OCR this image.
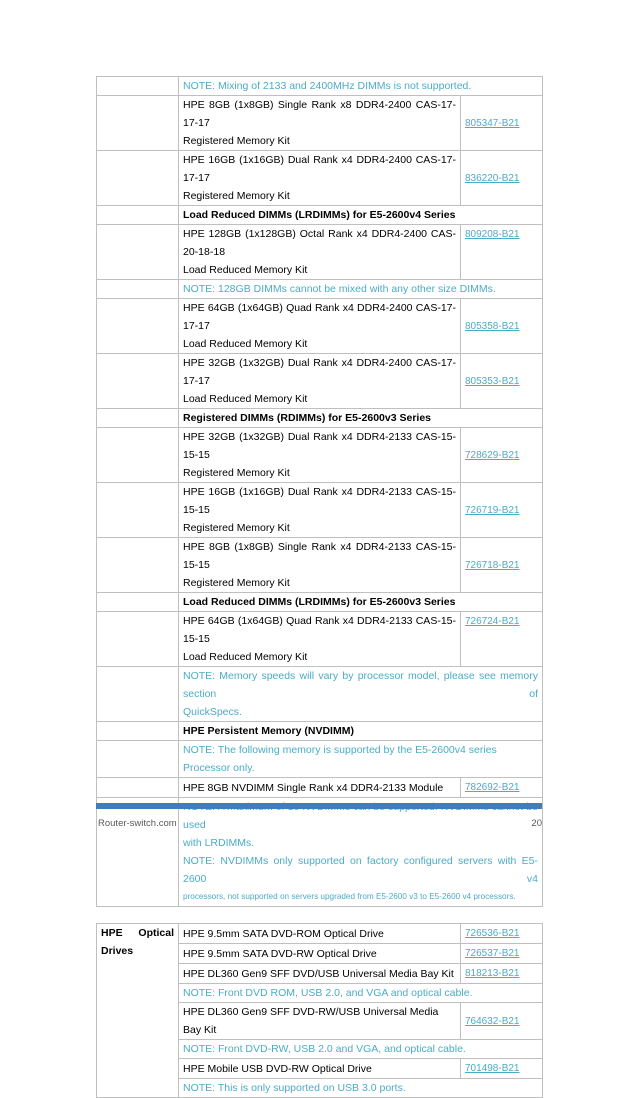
	NOTE: Mixing of 2133 and 2400MHz DIMMs is not supported.	

	HPE 8GB (1x8GB) Single Rank x8 DDR4-2400 CAS-17-17-17
Registered Memory Kit	805347-B21

	HPE 16GB (1x16GB) Dual Rank x4 DDR4-2400 CAS-17-17-17
Registered Memory Kit	836220-B21
	Load Reduced DIMMs (LRDIMMs) for E5-2600v4 Series	

	HPE 128GB (1x128GB) Octal Rank x4 DDR4-2400 CAS-20-18-18
Load Reduced Memory Kit	809208-B21
	NOTE: 128GB DIMMs cannot be mixed with any other size DIMMs.	

	HPE 64GB (1x64GB) Quad Rank x4 DDR4-2400 CAS-17-17-17
Load Reduced Memory Kit	805358-B21

	HPE 32GB (1x32GB) Dual Rank x4 DDR4-2400 CAS-17-17-17
Load Reduced Memory Kit	805353-B21
	Registered DIMMs (RDIMMs) for E5-2600v3 Series	

	HPE 32GB (1x32GB) Dual Rank x4 DDR4-2133 CAS-15-15-15
Registered Memory Kit	728629-B21

	HPE 16GB (1x16GB) Dual Rank x4 DDR4-2133 CAS-15-15-15
Registered Memory Kit	726719-B21

	HPE 8GB (1x8GB) Single Rank x4 DDR4-2133 CAS-15-15-15
Registered Memory Kit	726718-B21
	Load Reduced DIMMs (LRDIMMs) for E5-2600v3 Series	

	HPE 64GB (1x64GB) Quad Rank x4 DDR4-2133 CAS-15-15-15
Load Reduced Memory Kit	726724-B21

	NOTE: Memory speeds will vary by processor model, please see memory section of
QuickSpecs.	

	HPE Persistent Memory (NVDIMM)	
	NOTE: The following memory is supported by the E5-2600v4 series Processor only.	
	HPE 8GB NVDIMM Single Rank x4 DDR4-2133 Module	782692-B21

	used
with LRDIMMs.
NOTE: NVDIMMs only supported on factory configured servers with E5-2600 v4
processors, not supported on servers upgraded from E5-2600 v3 to E5-2600 v4 processors.	

HPE Optical
Drives	HPE 9.5mm SATA DVD-ROM Optical Drive	726536-B21
	HPE 9.5mm SATA DVD-RW Optical Drive	726537-B21
	HPE DL360 Gen9 SFF DVD/USB Universal Media Bay Kit	818213-B21
	NOTE: Front DVD ROM, USB 2.0, and VGA and optical cable.	
	HPE DL360 Gen9 SFF DVD-RW/USB Universal Media Bay Kit	764632-B21
	NOTE: Front DVD-RW, USB 2.0 and VGA, and optical cable.	
	HPE Mobile USB DVD-RW Optical Drive	701498-B21
	NOTE: This is only supported on USB 3.0 ports.	
Router-switch.com	20
